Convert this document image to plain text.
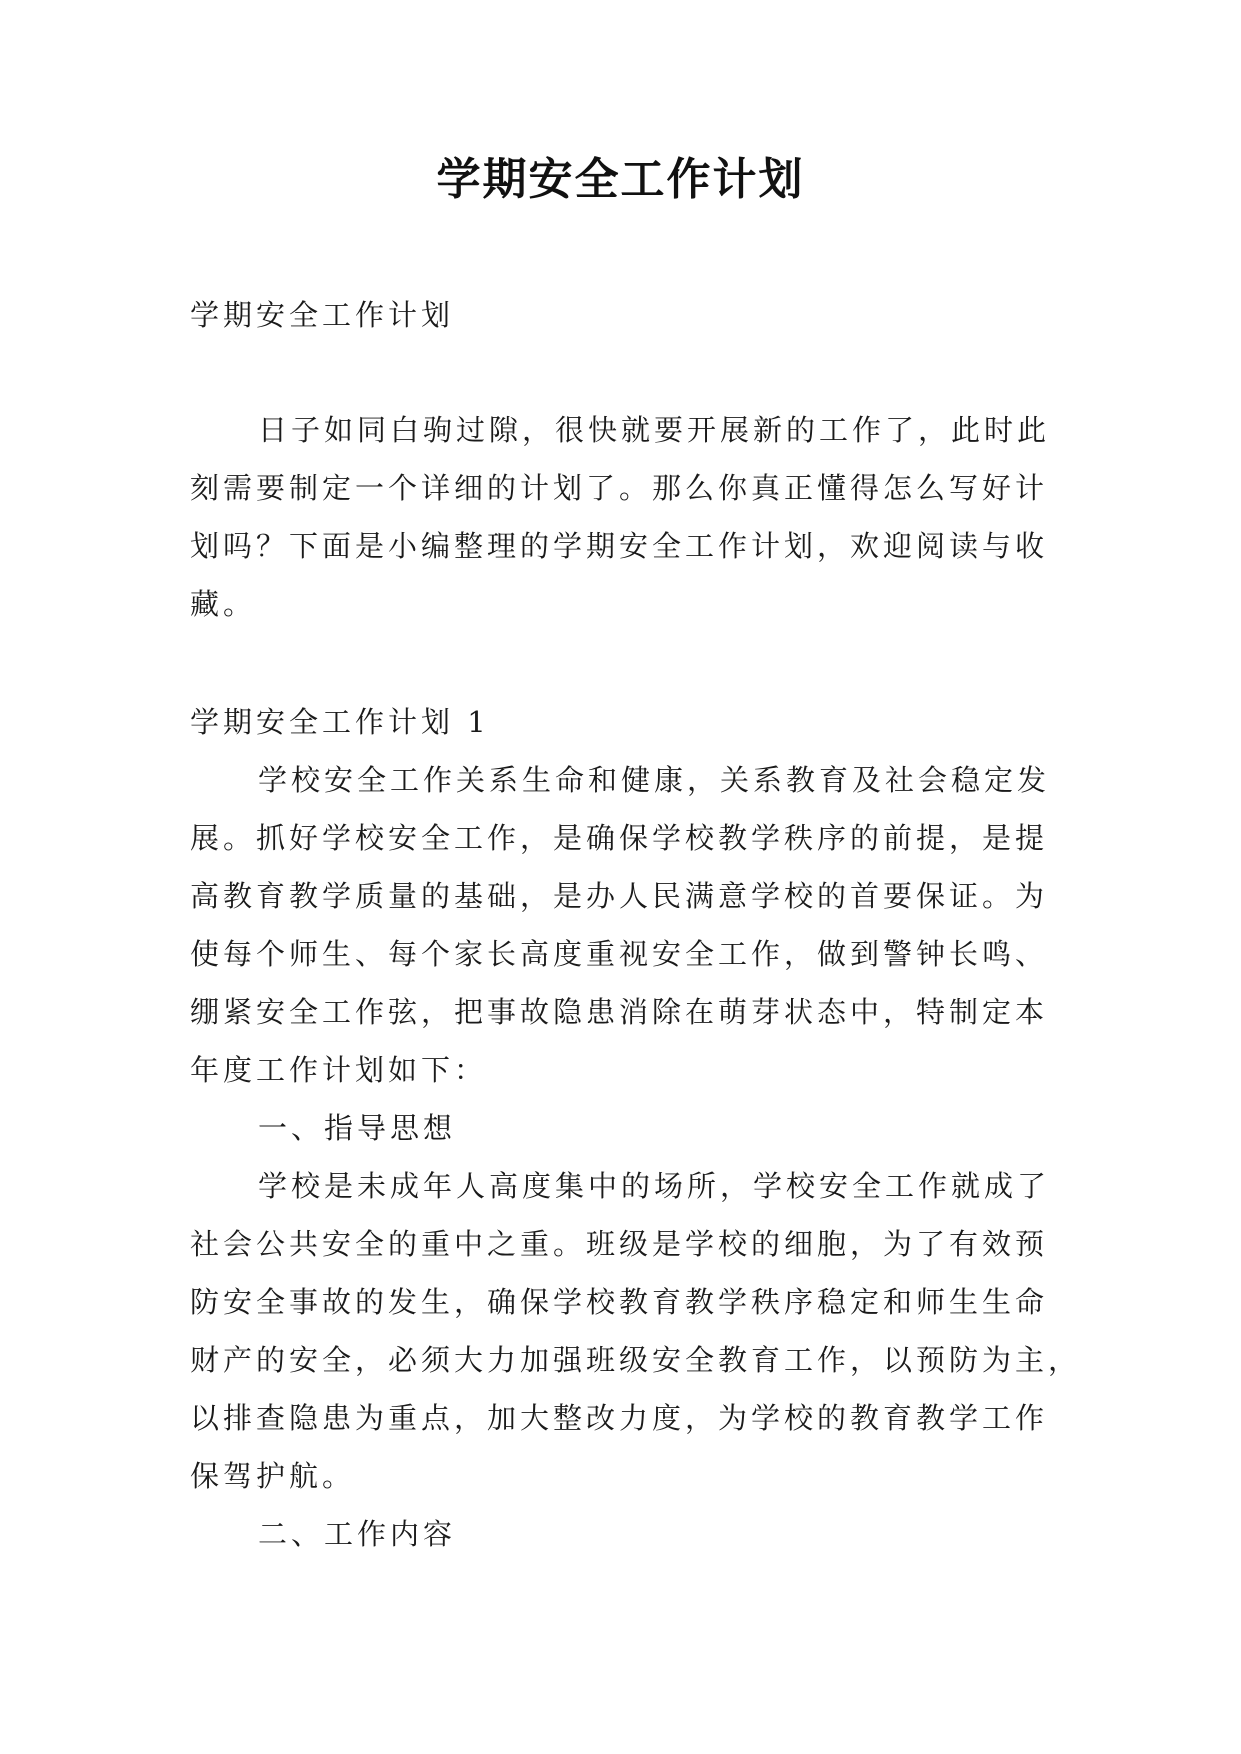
学期安全工作计划
学期安全工作计划
日子如同白驹过隙，很快就要开展新的工作了，此时此
刻需要制定一个详细的计划了。那么你真正懂得怎么写好计
划吗？下面是小编整理的学期安全工作计划，欢迎阅读与收
藏。
学期安全工作计划 1
学校安全工作关系生命和健康，关系教育及社会稳定发
展。抓好学校安全工作，是确保学校教学秩序的前提，是提
高教育教学质量的基础，是办人民满意学校的首要保证。为
使每个师生、每个家长高度重视安全工作，做到警钟长鸣、
绷紧安全工作弦，把事故隐患消除在萌芽状态中，特制定本
年度工作计划如下：
一、指导思想
学校是未成年人高度集中的场所，学校安全工作就成了
社会公共安全的重中之重。班级是学校的细胞，为了有效预
防安全事故的发生，确保学校教育教学秩序稳定和师生生命
财产的安全，必须大力加强班级安全教育工作，以预防为主，
以排查隐患为重点，加大整改力度，为学校的教育教学工作
保驾护航。
二、工作内容
